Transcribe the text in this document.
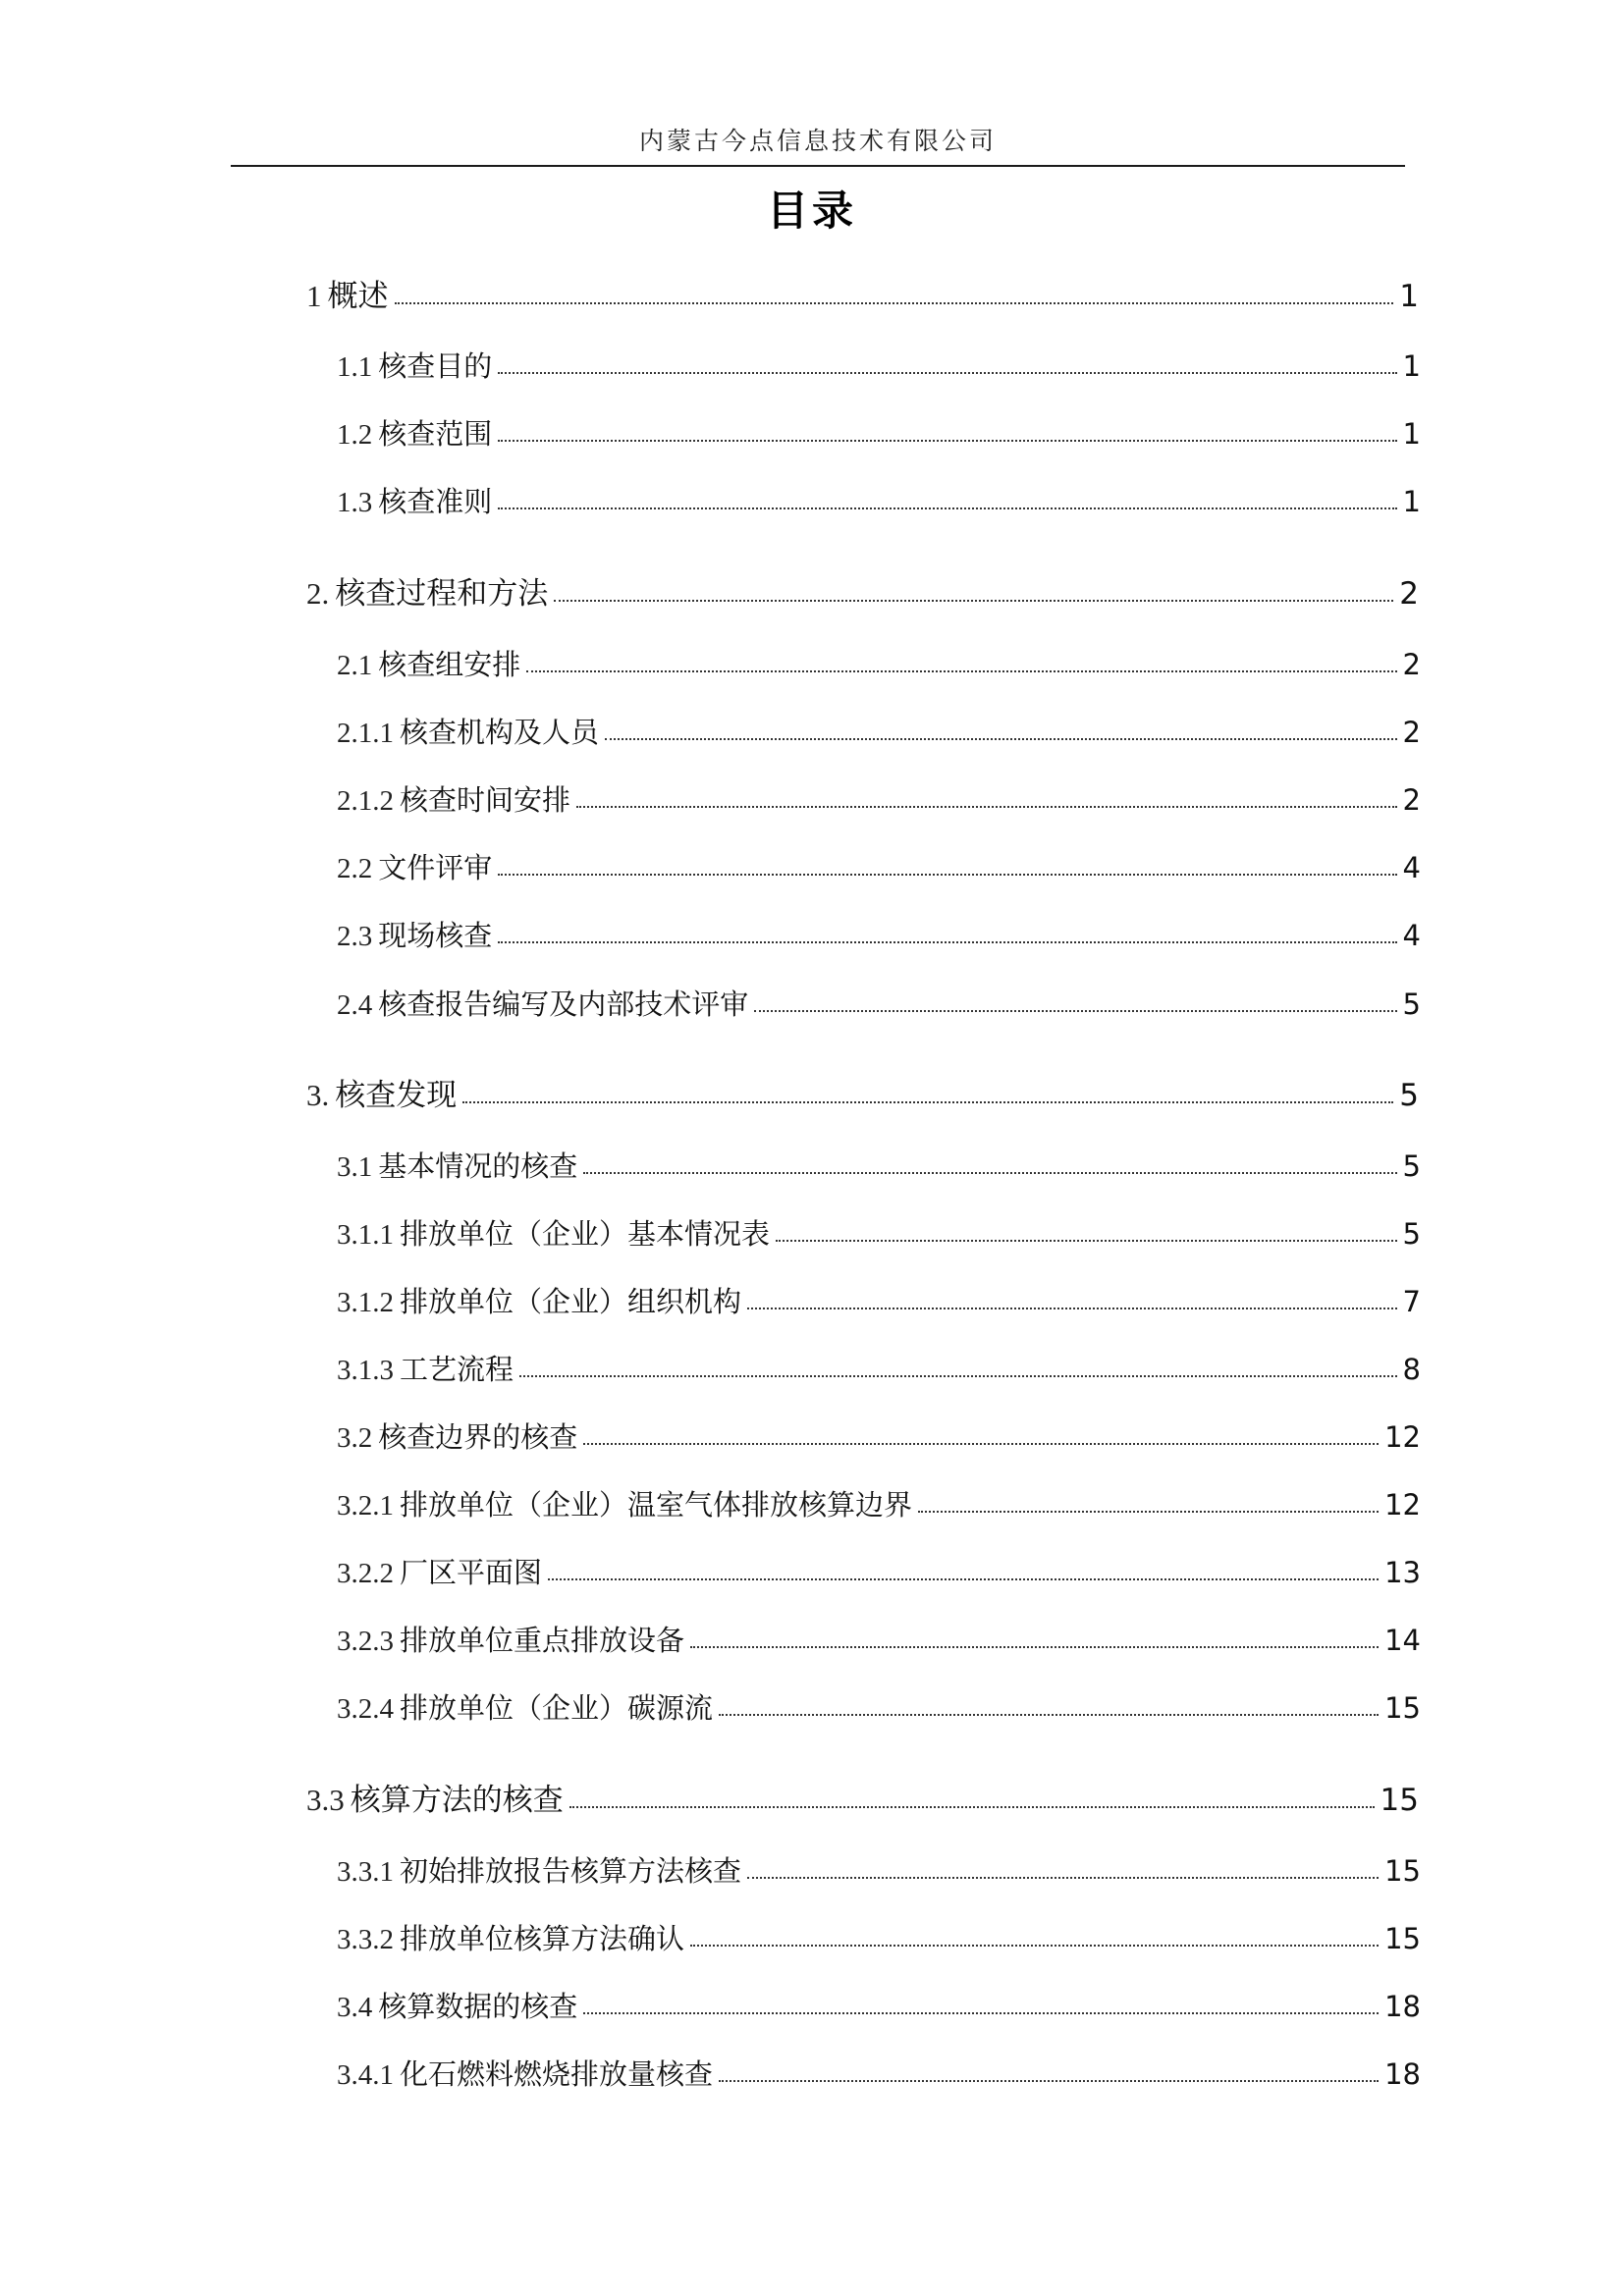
内蒙古今点信息技术有限公司
目录
1 概述	1
1.1 核查目的	1
1.2 核查范围	1
1.3 核查准则	1
2. 核查过程和方法	2
2.1 核查组安排	2
2.1.1 核查机构及人员	2
2.1.2 核查时间安排	2
2.2 文件评审	4
2.3 现场核查	4
2.4 核查报告编写及内部技术评审	5
3. 核查发现	5
3.1 基本情况的核查	5
3.1.1 排放单位（企业）基本情况表	5
3.1.2 排放单位（企业）组织机构	7
3.1.3 工艺流程	8
3.2 核查边界的核查	12
3.2.1 排放单位（企业）温室气体排放核算边界	12
3.2.2 厂区平面图	13
3.2.3 排放单位重点排放设备	14
3.2.4 排放单位（企业）碳源流	15
3.3 核算方法的核查	15
3.3.1 初始排放报告核算方法核查	15
3.3.2 排放单位核算方法确认	15
3.4 核算数据的核查	18
3.4.1 化石燃料燃烧排放量核查	18
